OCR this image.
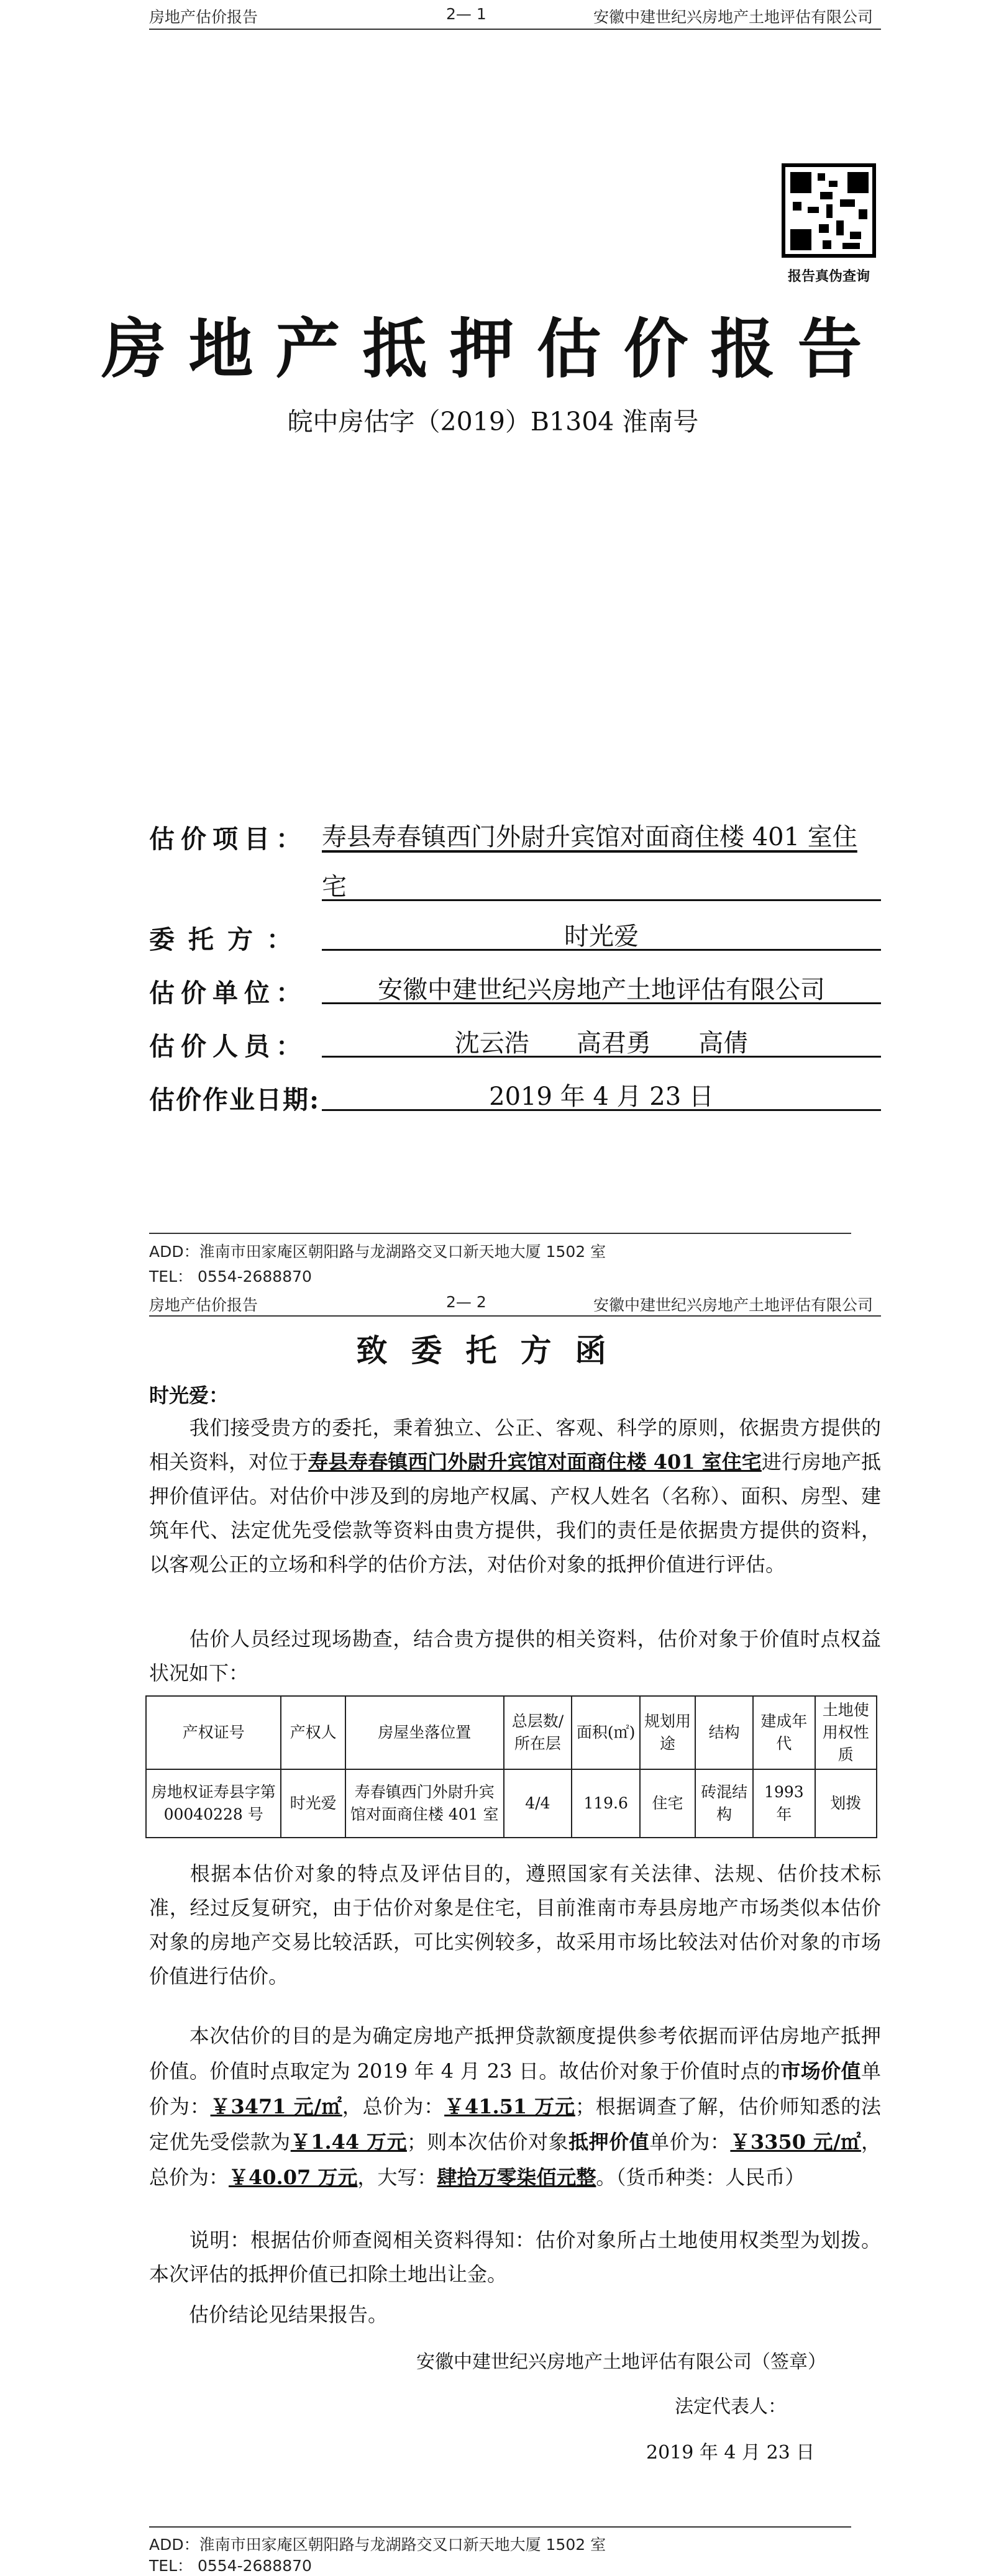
房地产估价报告	2— 1	安徽中建世纪兴房地产土地评估有限公司
报告真伪查询
房地产抵押估价报告
皖中房估字（2019）B1304 淮南号
估价项目： 寿县寿春镇西门外尉升宾馆对面商住楼 401 室住
宅
委托方：	时光爱
估价单位：	安徽中建世纪兴房地产土地评估有限公司
估价人员：	沈云浩      高君勇      高倩
估价作业日期:	2019 年 4 月 23 日
ADD：淮南市田家庵区朝阳路与龙湖路交叉口新天地大厦 1502 室
TEL： 0554-2688870
房地产估价报告	2— 2	安徽中建世纪兴房地产土地评估有限公司
致委托方函
时光爱：
我们接受贵方的委托，秉着独立、公正、客观、科学的原则，依据贵方提供的相关资料，对位于寿县寿春镇西门外尉升宾馆对面商住楼 401 室住宅进行房地产抵押价值评估。对估价中涉及到的房地产权属、产权人姓名（名称）、面积、房型、建筑年代、法定优先受偿款等资料由贵方提供，我们的责任是依据贵方提供的资料，以客观公正的立场和科学的估价方法，对估价对象的抵押价值进行评估。
估价人员经过现场勘查，结合贵方提供的相关资料，估价对象于价值时点权益状况如下：
产权证号	产权人	房屋坐落位置	总层数/所在层	面积(㎡)	规划用途	结构	建成年代	土地使用权性质
房地权证寿县字第00040228 号	时光爱	寿春镇西门外尉升宾馆对面商住楼 401 室	4/4	119.6	住宅	砖混结构	1993 年	划拨
根据本估价对象的特点及评估目的，遵照国家有关法律、法规、估价技术标准，经过反复研究，由于估价对象是住宅，目前淮南市寿县房地产市场类似本估价对象的房地产交易比较活跃，可比实例较多，故采用市场比较法对估价对象的市场价值进行估价。
本次估价的目的是为确定房地产抵押贷款额度提供参考依据而评估房地产抵押价值。价值时点取定为 2019 年 4 月 23 日。故估价对象于价值时点的市场价值单价为：￥3471 元/㎡，总价为：￥41.51 万元；根据调查了解，估价师知悉的法定优先受偿款为￥1.44 万元；则本次估价对象抵押价值单价为：￥3350 元/㎡，总价为：￥40.07 万元，大写：肆拾万零柒佰元整。（货币种类：人民币）
说明：根据估价师查阅相关资料得知：估价对象所占土地使用权类型为划拨。本次评估的抵押价值已扣除土地出让金。
估价结论见结果报告。
安徽中建世纪兴房地产土地评估有限公司（签章）
法定代表人：
2019 年 4 月 23 日
ADD：淮南市田家庵区朝阳路与龙湖路交叉口新天地大厦 1502 室
TEL： 0554-2688870
